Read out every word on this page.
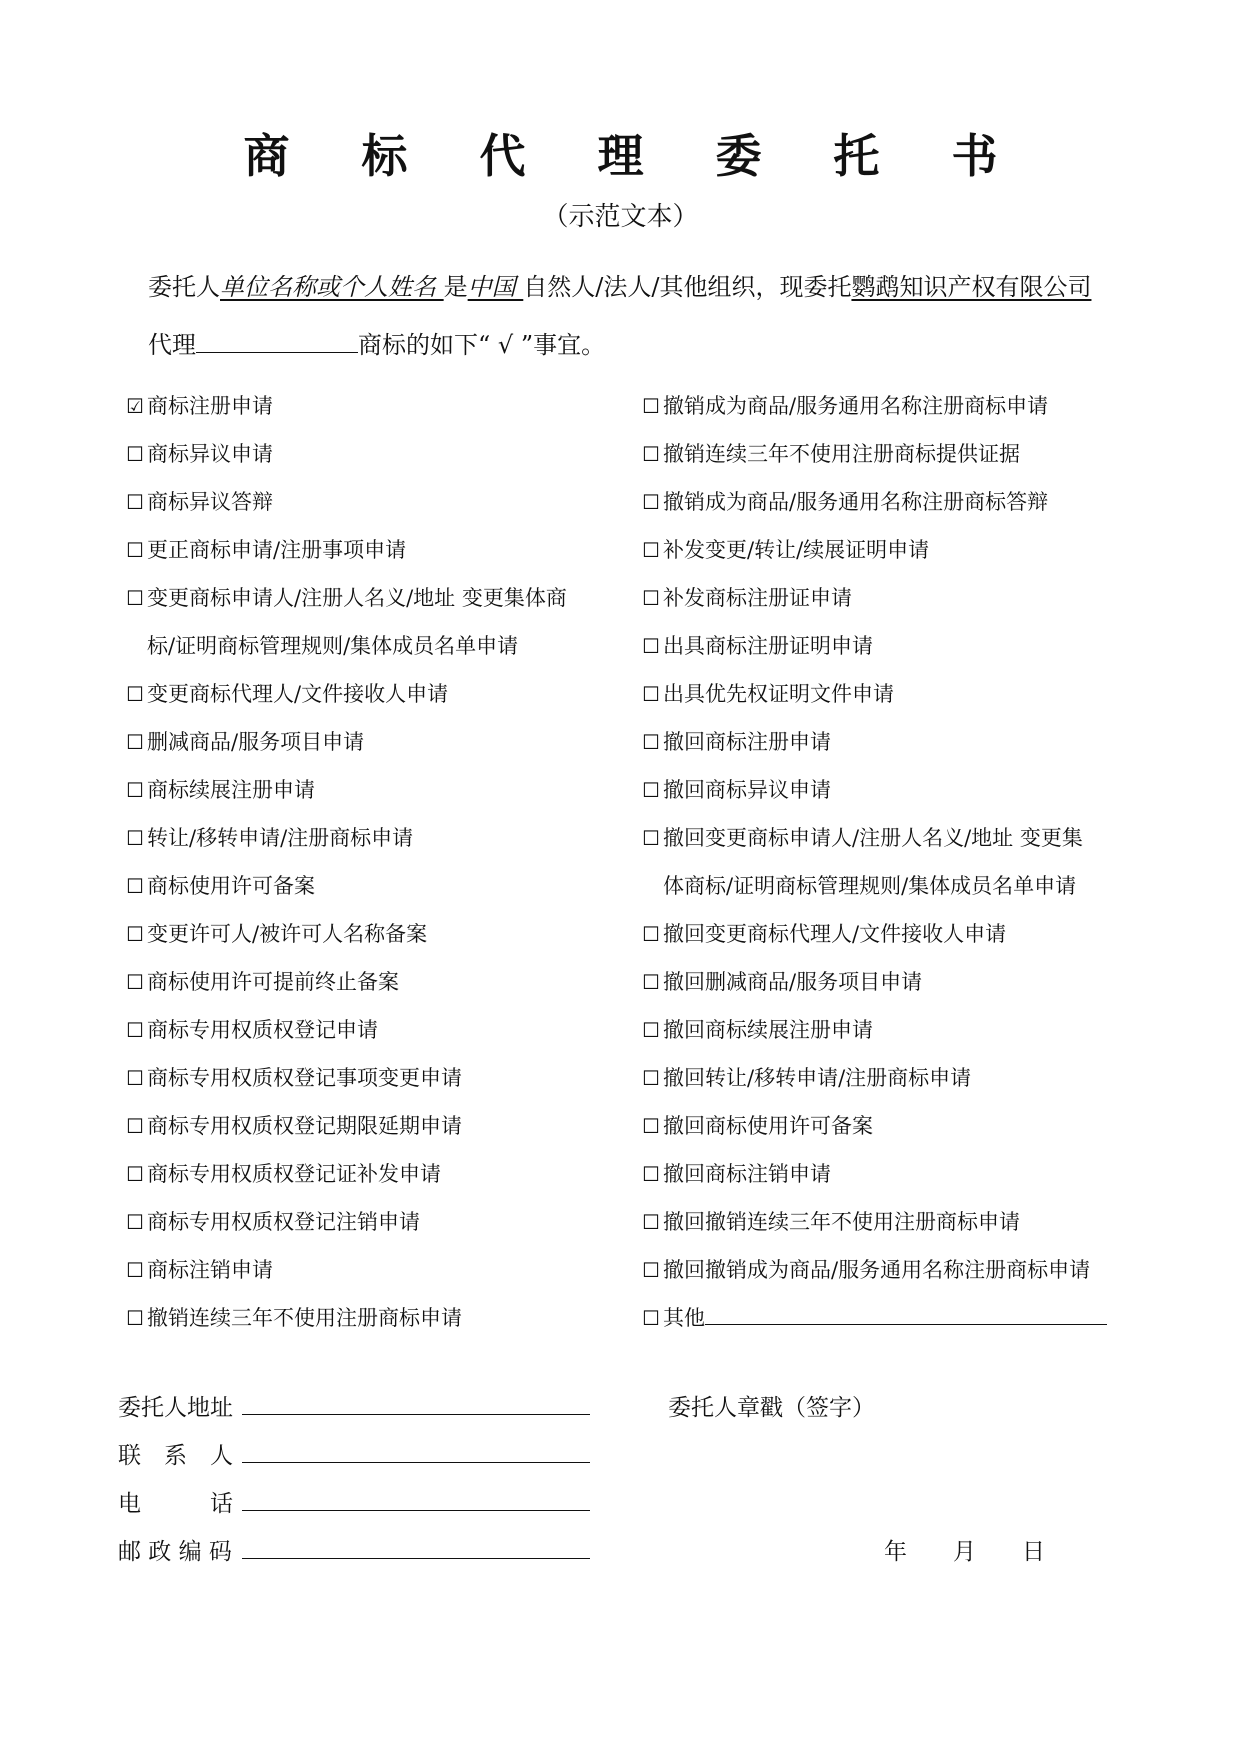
商 标 代 理 委 托 书
（示范文本）
委托人单位名称或个人姓名 是中国 自然人/法人/其他组织，现委托鹦鹉知识产权有限公司 代理	商标的如下“ √ ”事宜。
☑ 商标注册申请
☐ 商标异议申请
☐ 商标异议答辩
☐ 更正商标申请/注册事项申请
☐ 变更商标申请人/注册人名义/地址 变更集体商
标/证明商标管理规则/集体成员名单申请
☐ 变更商标代理人/文件接收人申请
☐ 删减商品/服务项目申请
☐ 商标续展注册申请
☐ 转让/移转申请/注册商标申请
☐ 商标使用许可备案
☐ 变更许可人/被许可人名称备案
☐ 商标使用许可提前终止备案
☐ 商标专用权质权登记申请
☐ 商标专用权质权登记事项变更申请
☐ 商标专用权质权登记期限延期申请
☐ 商标专用权质权登记证补发申请
☐ 商标专用权质权登记注销申请
☐ 商标注销申请
☐ 撤销连续三年不使用注册商标申请
☐ 撤销成为商品/服务通用名称注册商标申请
☐ 撤销连续三年不使用注册商标提供证据
☐ 撤销成为商品/服务通用名称注册商标答辩
☐ 补发变更/转让/续展证明申请
☐ 补发商标注册证申请
☐ 出具商标注册证明申请
☐ 出具优先权证明文件申请
☐ 撤回商标注册申请
☐ 撤回商标异议申请
☐ 撤回变更商标申请人/注册人名义/地址 变更集
体商标/证明商标管理规则/集体成员名单申请
☐ 撤回变更商标代理人/文件接收人申请
☐ 撤回删减商品/服务项目申请
☐ 撤回商标续展注册申请
☐ 撤回转让/移转申请/注册商标申请
☐ 撤回商标使用许可备案
☐ 撤回商标注销申请
☐ 撤回撤销连续三年不使用注册商标申请
☐ 撤回撤销成为商品/服务通用名称注册商标申请
☐ 其他
委托人地址
联　系　人
电　　　话
邮 政 编 码
委托人章戳（签字）
年 月 日
